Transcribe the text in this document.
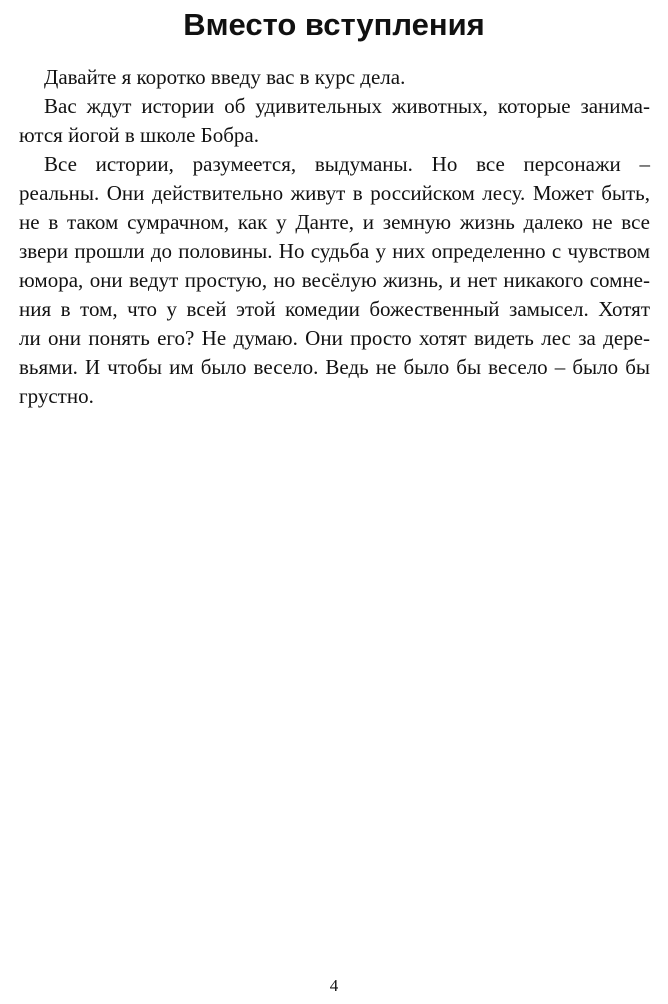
Вместо вступления

Давайте я коротко введу вас в курс дела.

Вас ждут истории об удивительных животных, которые занима-
ются йогой в школе Бобра.

Все истории, разумеется, выдуманы. Но все персонажи –
реальны. Они действительно живут в российском лесу. Может быть,
не в таком сумрачном, как у Данте, и земную жизнь далеко не все
звери прошли до половины. Но судьба у них определенно с чувством
юмора, они ведут простую, но весёлую жизнь, и нет никакого сомне-
ния в том, что у всей этой комедии божественный замысел. Хотят
ли они понять его? Не думаю. Они просто хотят видеть лес за дере-
вьями. И чтобы им было весело. Ведь не было бы весело – было бы
грустно.

4
